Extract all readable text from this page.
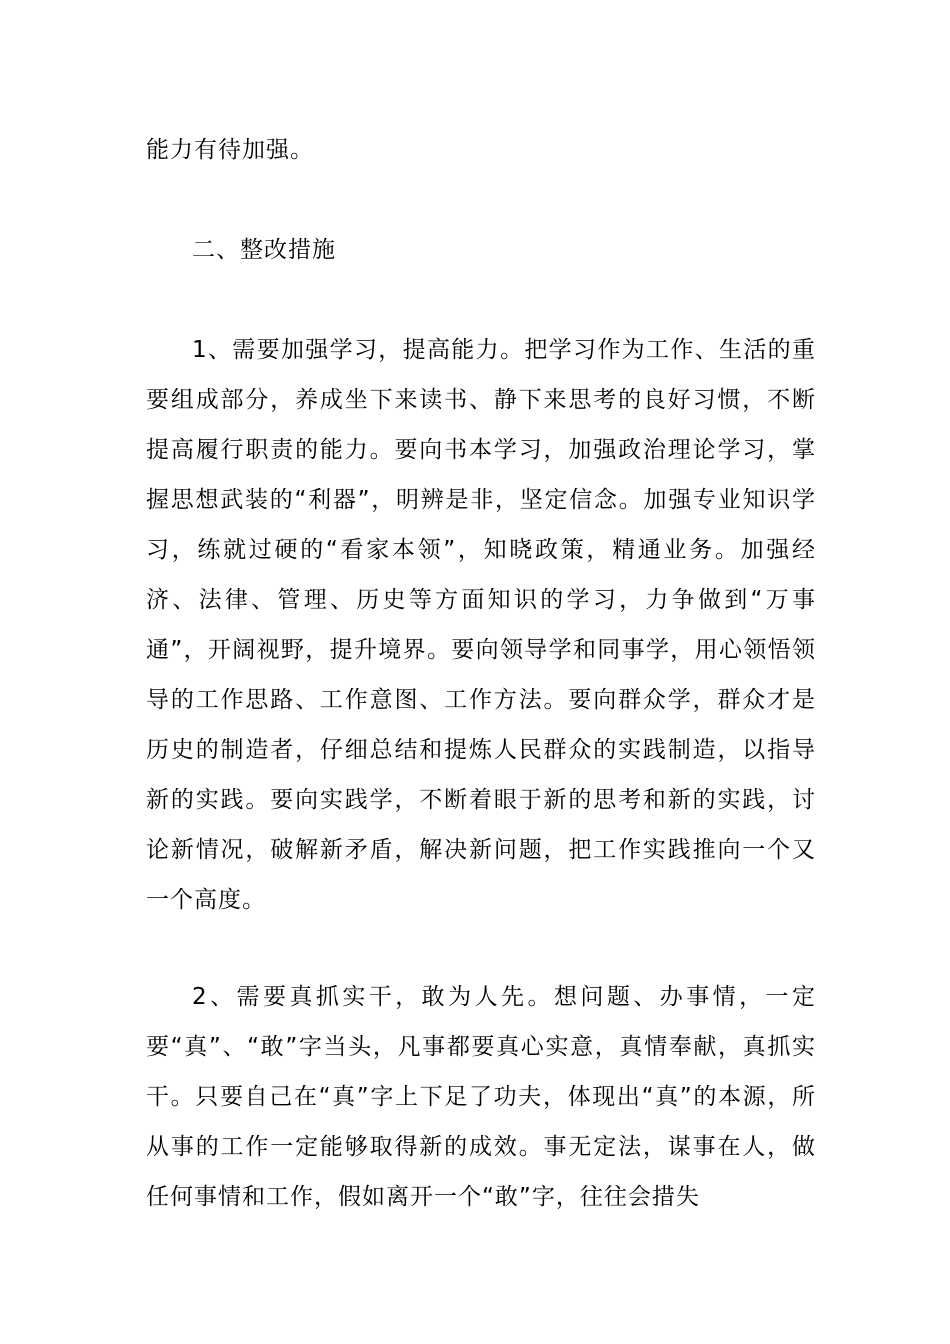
能力有待加强。

二、整改措施

1、需要加强学习，提高能力。把学习作为工作、生活的重要组成部分，养成坐下来读书、静下来思考的良好习惯，不断提高履行职责的能力。要向书本学习，加强政治理论学习，掌握思想武装的“利器”，明辨是非，坚定信念。加强专业知识学习，练就过硬的“看家本领”，知晓政策，精通业务。加强经济、法律、管理、历史等方面知识的学习，力争做到“万事通”，开阔视野，提升境界。要向领导学和同事学，用心领悟领导的工作思路、工作意图、工作方法。要向群众学，群众才是历史的制造者，仔细总结和提炼人民群众的实践制造，以指导新的实践。要向实践学，不断着眼于新的思考和新的实践，讨论新情况，破解新矛盾，解决新问题，把工作实践推向一个又一个高度。

2、需要真抓实干，敢为人先。想问题、办事情，一定要“真”、“敢”字当头，凡事都要真心实意，真情奉献，真抓实干。只要自己在“真”字上下足了功夫，体现出“真”的本源，所从事的工作一定能够取得新的成效。事无定法，谋事在人，做任何事情和工作，假如离开一个“敢”字，往往会措失
